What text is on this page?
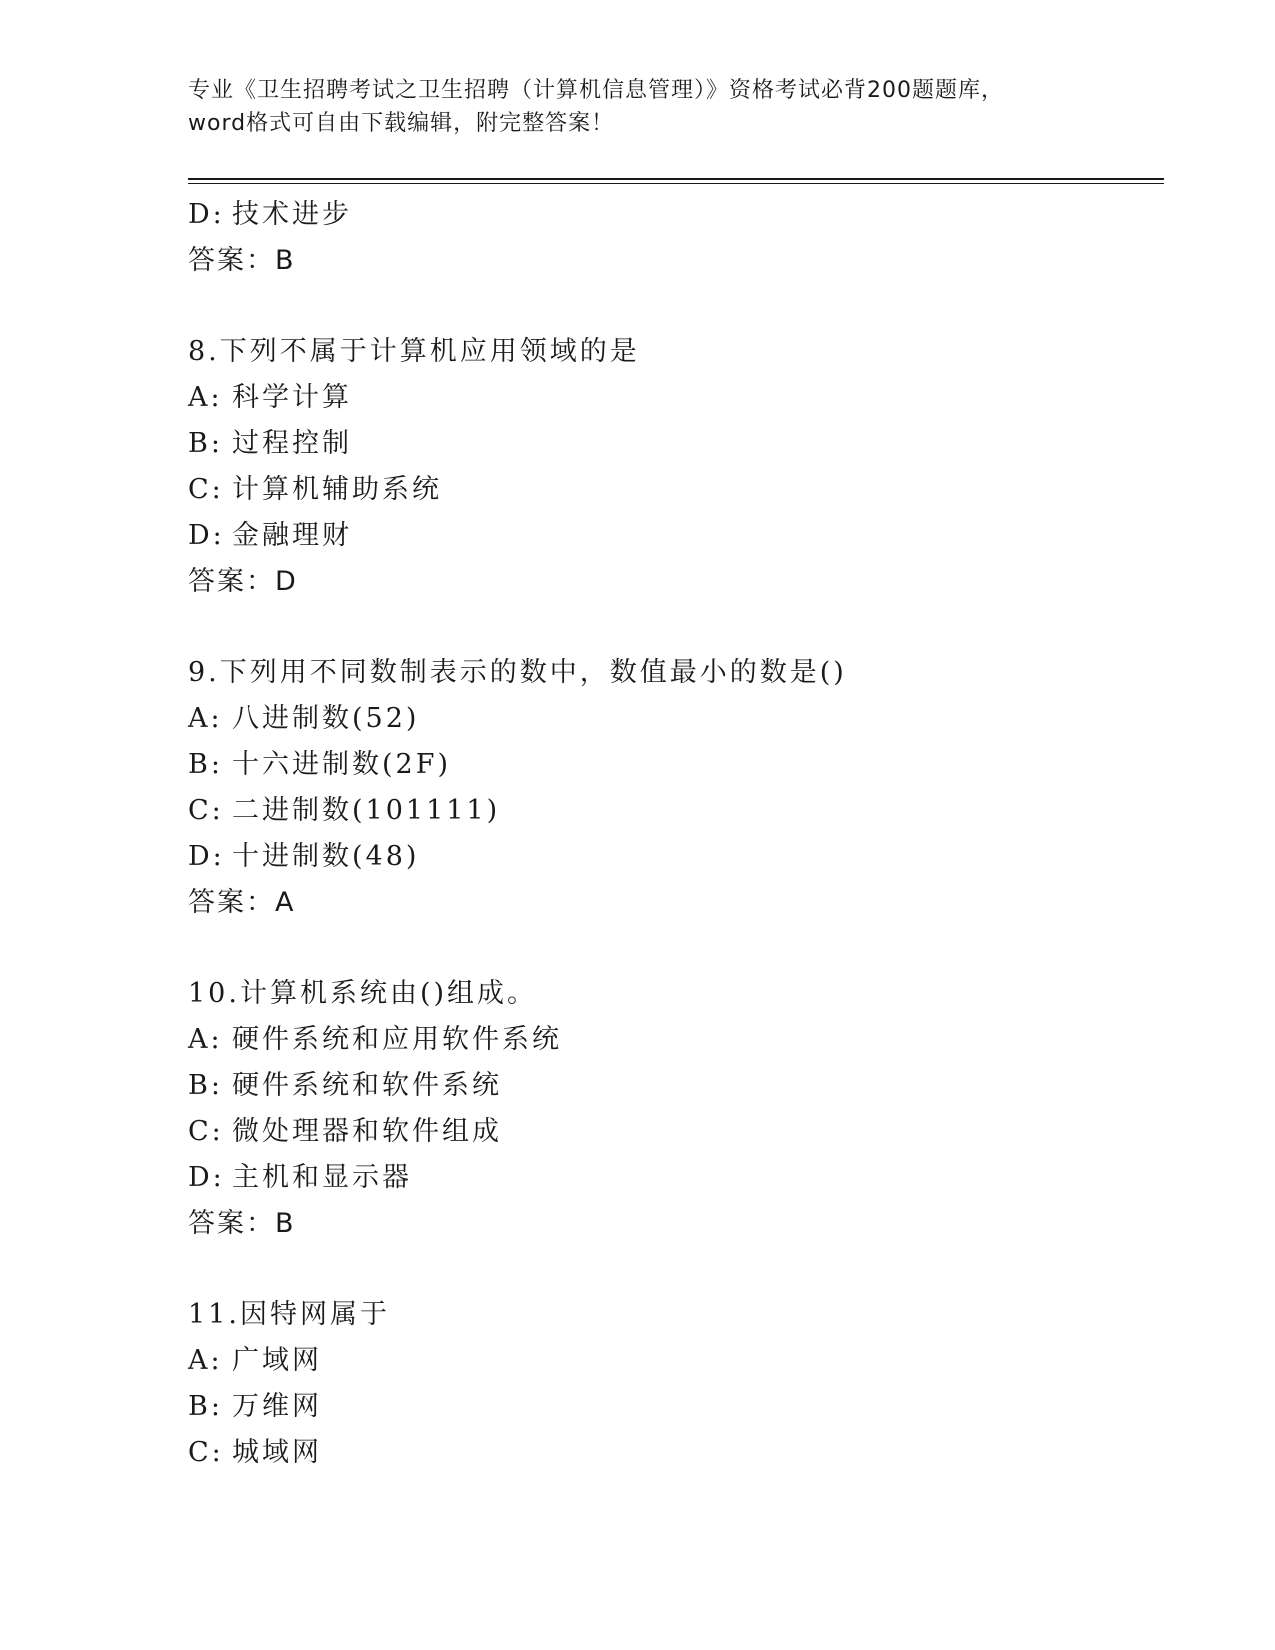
专业《卫生招聘考试之卫生招聘（计算机信息管理）》资格考试必背200题题库，
word格式可自由下载编辑，附完整答案！
D: 技术进步
答案：B
8.下列不属于计算机应用领域的是
A: 科学计算
B: 过程控制
C: 计算机辅助系统
D: 金融理财
答案：D
9.下列用不同数制表示的数中，数值最小的数是()
A: 八进制数(52)
B: 十六进制数(2F)
C: 二进制数(101111)
D: 十进制数(48)
答案：A
10.计算机系统由()组成。
A: 硬件系统和应用软件系统
B: 硬件系统和软件系统
C: 微处理器和软件组成
D: 主机和显示器
答案：B
11.因特网属于
A: 广域网
B: 万维网
C: 城域网
